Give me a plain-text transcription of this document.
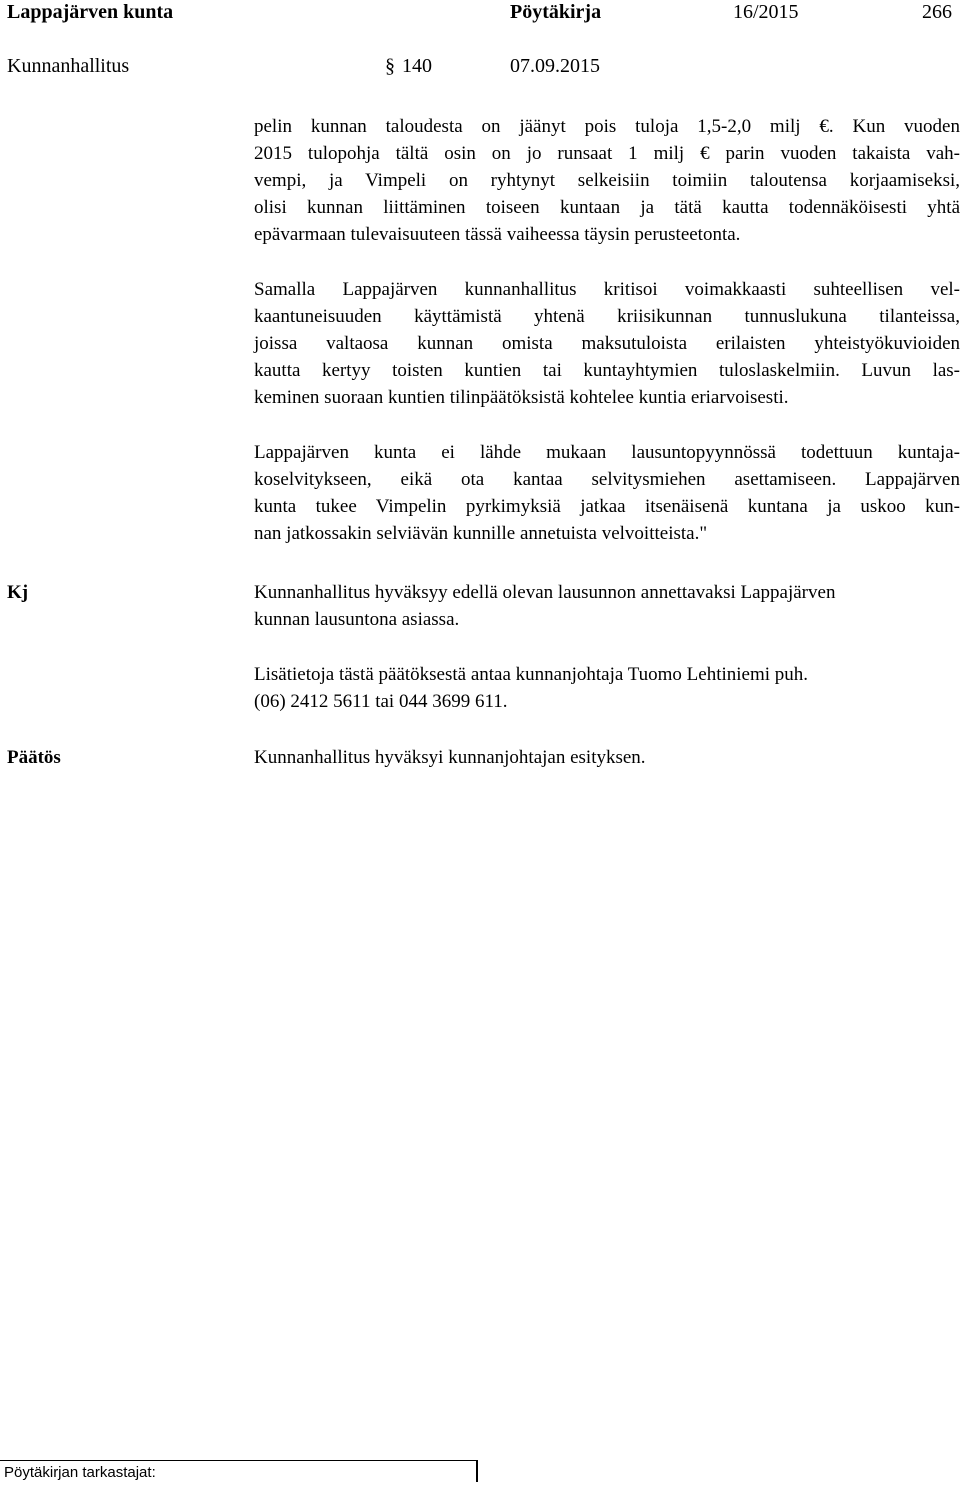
Lappajärven kunta	Pöytäkirja	16/2015	266
Kunnanhallitus	§ 140	07.09.2015
pelin kunnan taloudesta on jäänyt pois tuloja 1,5-2,0 milj €. Kun vuoden
2015 tulopohja tältä osin on jo runsaat 1 milj € parin vuoden takaista vah-
vempi, ja Vimpeli on ryhtynyt selkeisiin toimiin taloutensa korjaamiseksi,
olisi kunnan liittäminen toiseen kuntaan ja tätä kautta todennäköisesti yhtä
epävarmaan tulevaisuuteen tässä vaiheessa täysin perusteetonta.
Samalla Lappajärven kunnanhallitus kritisoi voimakkaasti suhteellisen vel-
kaantuneisuuden käyttämistä yhtenä kriisikunnan tunnuslukuna tilanteissa,
joissa valtaosa kunnan omista maksutuloista erilaisten yhteistyökuvioiden
kautta kertyy toisten kuntien tai kuntayhtymien tuloslaskelmiin. Luvun las-
keminen suoraan kuntien tilinpäätöksistä kohtelee kuntia eriarvoisesti.
Lappajärven kunta ei lähde mukaan lausuntopyynnössä todettuun kuntaja-
koselvitykseen, eikä ota kantaa selvitysmiehen asettamiseen. Lappajärven
kunta tukee Vimpelin pyrkimyksiä jatkaa itsenäisenä kuntana ja uskoo kun-
nan jatkossakin selviävän kunnille annetuista velvoitteista."
Kj	Kunnanhallitus hyväksyy edellä olevan lausunnon annettavaksi Lappajärven
kunnan lausuntona asiassa.
Lisätietoja tästä päätöksestä antaa kunnanjohtaja Tuomo Lehtiniemi puh.
(06) 2412 5611 tai 044 3699 611.
Päätös	Kunnanhallitus hyväksyi kunnanjohtajan esityksen.
Pöytäkirjan tarkastajat:
